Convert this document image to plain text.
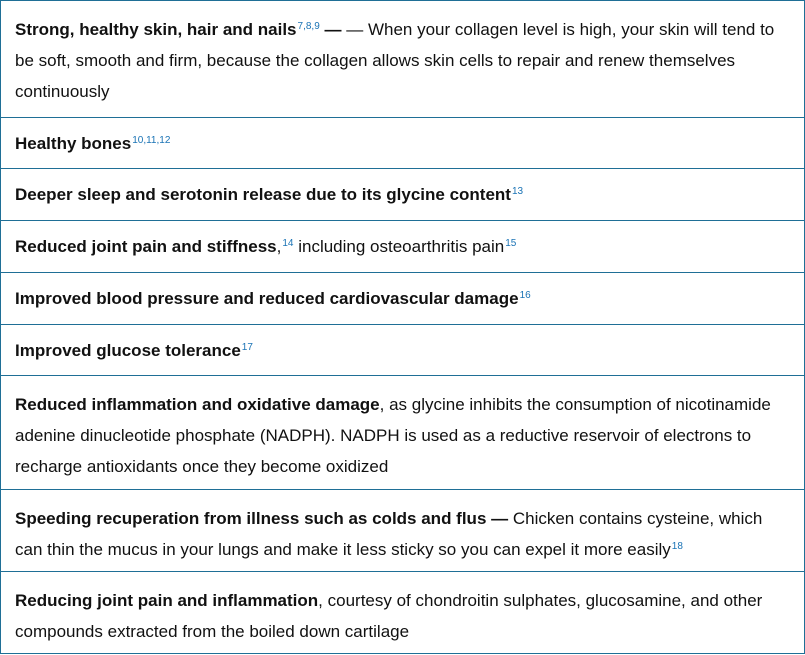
Strong, healthy skin, hair and nails$^{7,8,9}$ — — When your collagen level is high, your skin will tend to be soft, smooth and firm, because the collagen allows skin cells to repair and renew themselves continuously
Healthy bones$^{10,11,12}$
Deeper sleep and serotonin release due to its glycine content$^{13}$
Reduced joint pain and stiffness,$^{14}$ including osteoarthritis pain$^{15}$
Improved blood pressure and reduced cardiovascular damage$^{16}$
Improved glucose tolerance$^{17}$
Reduced inflammation and oxidative damage, as glycine inhibits the consumption of nicotinamide adenine dinucleotide phosphate (NADPH). NADPH is used as a reductive reservoir of electrons to recharge antioxidants once they become oxidized
Speeding recuperation from illness such as colds and flus — Chicken contains cysteine, which can thin the mucus in your lungs and make it less sticky so you can expel it more easily$^{18}$
Reducing joint pain and inflammation, courtesy of chondroitin sulphates, glucosamine, and other compounds extracted from the boiled down cartilage
